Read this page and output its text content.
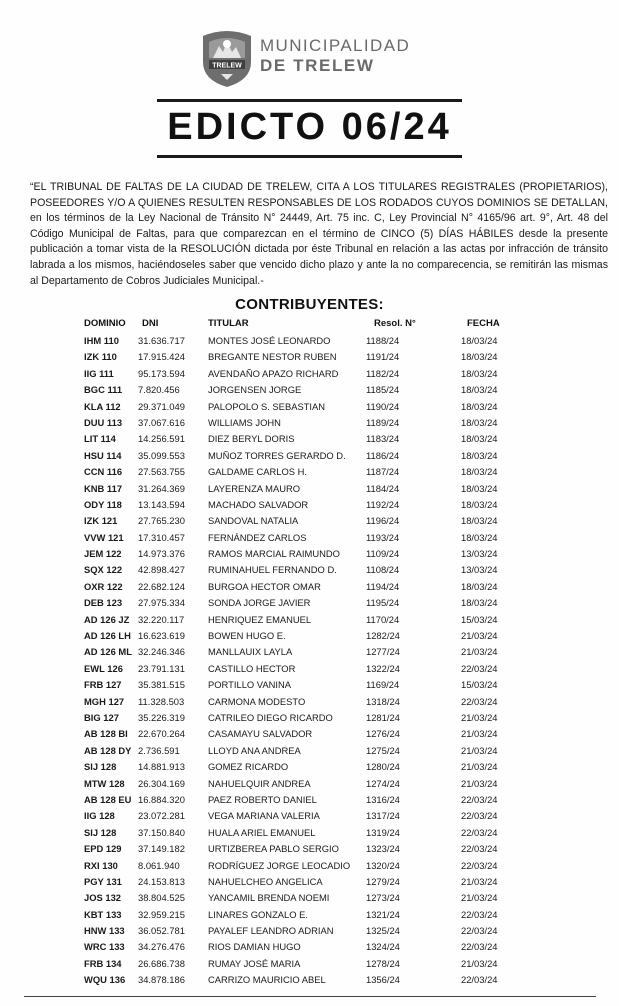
TRELEW
MUNICIPALIDAD
DE TRELEW
EDICTO 06/24
“EL TRIBUNAL DE FALTAS DE LA CIUDAD DE TRELEW, CITA A LOS TITULARES REGISTRALES (PROPIETARIOS), POSEEDORES Y/O A QUIENES RESULTEN RESPONSABLES DE LOS RODADOS CUYOS DOMINIOS SE DETALLAN, en los términos de la Ley Nacional de Tránsito N° 24449, Art. 75 inc. C, Ley Provincial N° 4165/96 art. 9°, Art. 48 del Código Municipal de Faltas, para que comparezcan en el término de CINCO (5) DÍAS HÁBILES desde la presente publicación a tomar vista de la RESOLUCIÓN dictada por éste Tribunal en relación a las actas por infracción de tránsito labrada a los mismos, haciéndoseles saber que vencido dicho plazo y ante la no comparecencia, se remitirán las mismas al Departamento de Cobros Judiciales Municipal.-
CONTRIBUYENTES:
DOMINIO DNI	TITULAR	Resol. N°	FECHA
IHM 110 31.636.717 MONTES JOSÉ LEONARDO	1188/24	18/03/24
IZK 110 17.915.424 BREGANTE NESTOR RUBEN	1191/24	18/03/24
IIG 111	95.173.594 AVENDAÑO APAZO RICHARD	1182/24	18/03/24
BGC 111 7.820.456	JORGENSEN JORGE	1185/24	18/03/24
KLA 112 29.371.049 PALOPOLO S. SEBASTIAN	1190/24	18/03/24
DUU 113 37.067.616 WILLIAMS JOHN	1189/24	18/03/24
LIT 114 14.256.591 DIEZ BERYL DORIS	1183/24	18/03/24
HSU 114 35.099.553 MUÑOZ TORRES GERARDO D. 1186/24	18/03/24
CCN 116 27.563.755 GALDAME CARLOS H.	1187/24	18/03/24
KNB 117 31.264.369 LAYERENZA MAURO	1184/24	18/03/24
ODY 118 13.143.594 MACHADO SALVADOR	1192/24	18/03/24
IZK 121 27.765.230 SANDOVAL NATALIA	1196/24	18/03/24
VVW 121 17.310.457 FERNÁNDEZ CARLOS	1193/24	18/03/24
JEM 122 14.973.376 RAMOS MARCIAL RAIMUNDO	1109/24	13/03/24
SQX 122 42.898.427 RUMINAHUEL FERNANDO D.	1108/24	13/03/24
OXR 122 22.682.124 BURGOA HECTOR OMAR	1194/24	18/03/24
DEB 123 27.975.334 SONDA JORGE JAVIER	1195/24	18/03/24
AD 126 JZ 32.220.117	HENRIQUEZ EMANUEL	1170/24	15/03/24
AD 126 LH 16.623.619 BOWEN HUGO E.	1282/24	21/03/24
AD 126 ML 32.246.346 MANLLAUIX LAYLA	1277/24	21/03/24
EWL 126 23.791.131 CASTILLO HECTOR	1322/24	22/03/24
FRB 127 35.381.515 PORTILLO VANINA	1169/24	15/03/24
MGH 127 11.328.503	CARMONA MODESTO	1318/24	22/03/24
BIG 127 35.226.319 CATRILEO DIEGO RICARDO	1281/24	21/03/24
AB 128 BI 22.670.264 CASAMAYU SALVADOR	1276/24	21/03/24
AB 128 DY 2.736.591	LLOYD ANA ANDREA	1275/24	21/03/24
SIJ 128 14.881.913 GOMEZ RICARDO	1280/24	21/03/24
MTW 128 26.304.169 NAHUELQUIR ANDREA	1274/24	21/03/24
AB 128 EU 16.884.320 PAEZ ROBERTO DANIEL	1316/24	22/03/24
IIG 128 23.072.281 VEGA MARIANA VALERIA	1317/24	22/03/24
SIJ 128 37.150.840 HUALA ARIEL EMANUEL	1319/24	22/03/24
EPD 129 37.149.182 URTIZBEREA PABLO SERGIO	1323/24	22/03/24
RXI 130 8.061.940	RODRÍGUEZ JORGE LEOCADIO 1320/24	22/03/24
PGY 131 24.153.813 NAHUELCHEO ANGELICA	1279/24	21/03/24
JOS 132 38.804.525 YANCAMIL BRENDA NOEMI	1273/24	21/03/24
KBT 133 32.959.215 LINARES GONZALO E.	1321/24	22/03/24
HNW 133 36.052.781 PAYALEF LEANDRO ADRIAN	1325/24	22/03/24
WRC 133 34.276.476 RIOS DAMIAN HUGO	1324/24	22/03/24
FRB 134 26.686.738 RUMAY JOSÉ MARIA	1278/24	21/03/24
WQU 136 34.878.186 CARRIZO MAURICIO ABEL	1356/24	22/03/24
